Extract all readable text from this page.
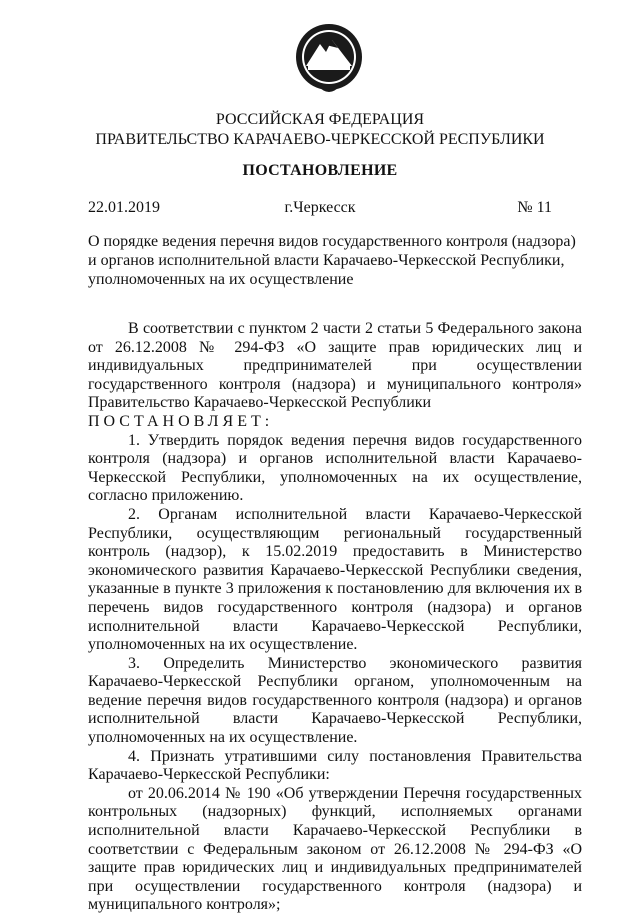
РОССИЙСКАЯ ФЕДЕРАЦИЯ
ПРАВИТЕЛЬСТВО КАРАЧАЕВО-ЧЕРКЕССКОЙ РЕСПУБЛИКИ
ПОСТАНОВЛЕНИЕ
22.01.2019	г.Черкесск	№ 11
О порядке ведения перечня видов государственного контроля (надзора) и органов исполнительной власти Карачаево-Черкесской Республики, уполномоченных на их осуществление

В соответствии с пунктом 2 части 2 статьи 5 Федерального закона от 26.12.2008 № 294-ФЗ «О защите прав юридических лиц и индивидуальных предпринимателей при осуществлении государственного контроля (надзора) и муниципального контроля» Правительство Карачаево-Черкесской Республики

ПОСТАНОВЛЯЕТ:

1. Утвердить порядок ведения перечня видов государственного контроля (надзора) и органов исполнительной власти Карачаево-Черкесской Республики, уполномоченных на их осуществление, согласно приложению.

2. Органам исполнительной власти Карачаево-Черкесской Республики, осуществляющим региональный государственный контроль (надзор), к 15.02.2019 предоставить в Министерство экономического развития Карачаево-Черкесской Республики сведения, указанные в пункте 3 приложения к постановлению для включения их в перечень видов государственного контроля (надзора) и органов исполнительной власти Карачаево-Черкесской Республики, уполномоченных на их осуществление.

3. Определить Министерство экономического развития Карачаево-Черкесской Республики органом, уполномоченным на ведение перечня видов государственного контроля (надзора) и органов исполнительной власти Карачаево-Черкесской Республики, уполномоченных на их осуществление.

4. Признать утратившими силу постановления Правительства Карачаево-Черкесской Республики:

от 20.06.2014 № 190 «Об утверждении Перечня государственных контрольных (надзорных) функций, исполняемых органами исполнительной власти Карачаево-Черкесской Республики в соответствии с Федеральным законом от 26.12.2008 № 294-ФЗ «О защите прав юридических лиц и индивидуальных предпринимателей при осуществлении государственного контроля (надзора) и муниципального контроля»;
